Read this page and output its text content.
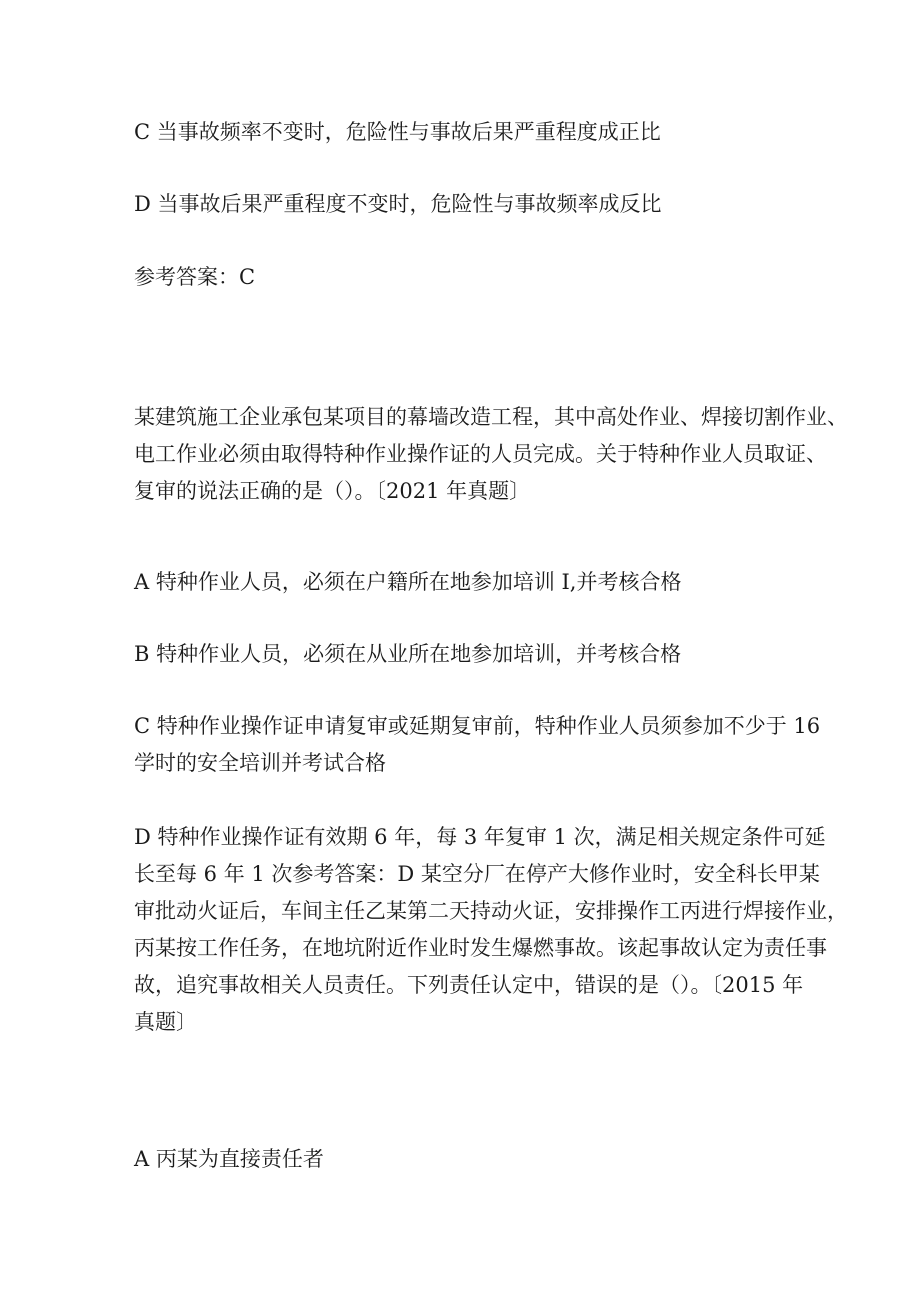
C 当事故频率不变时，危险性与事故后果严重程度成正比

D 当事故后果严重程度不变时，危险性与事故频率成反比

参考答案：C

某建筑施工企业承包某项目的幕墙改造工程，其中高处作业、焊接切割作业、
电工作业必须由取得特种作业操作证的人员完成。关于特种作业人员取证、
复审的说法正确的是（）。〔2021 年真题〕

A 特种作业人员，必须在户籍所在地参加培训 I,并考核合格

B 特种作业人员，必须在从业所在地参加培训，并考核合格

C 特种作业操作证申请复审或延期复审前，特种作业人员须参加不少于 16
学时的安全培训并考试合格

D 特种作业操作证有效期 6 年，每 3 年复审 1 次，满足相关规定条件可延
长至每 6 年 1 次参考答案：D 某空分厂在停产大修作业时，安全科长甲某
审批动火证后，车间主任乙某第二天持动火证，安排操作工丙进行焊接作业，
丙某按工作任务，在地坑附近作业时发生爆燃事故。该起事故认定为责任事
故，追究事故相关人员责任。下列责任认定中，错误的是（）。〔2015 年
真题〕

A 丙某为直接责任者
